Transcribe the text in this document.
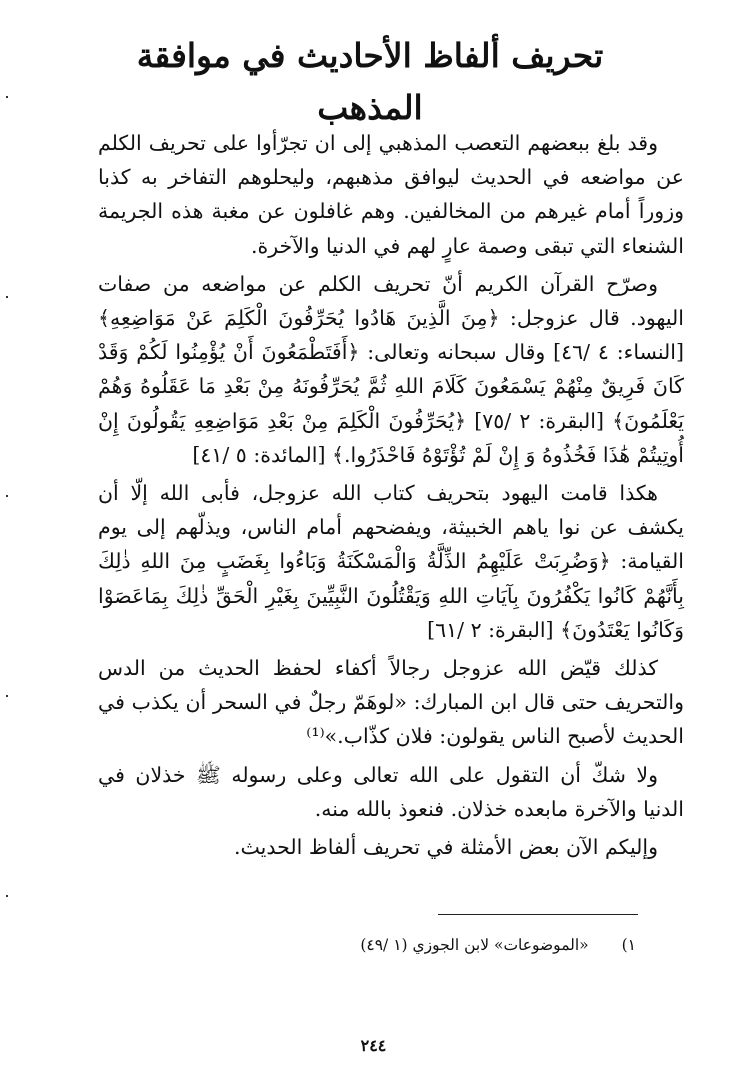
تحريف ألفاظ الأحاديث في موافقة المذهب

وقد بلغ ببعضهم التعصب المذهبي إلى ان تجرّأوا على تحريف الكلم عن مواضعه في الحديث ليوافق مذهبهم، وليحلوهم التفاخر به كذبا وزوراً أمام غيرهم من المخالفين. وهم غافلون عن مغبة هذه الجريمة الشنعاء التي تبقى وصمة عارٍ لهم في الدنيا والآخرة.

وصرّح القرآن الكريم أنّ تحريف الكلم عن مواضعه من صفات اليهود. قال عزوجل: ﴿مِنَ الَّذِينَ هَادُوا يُحَرِّفُونَ الْكَلِمَ عَنْ مَوَاضِعِهِ﴾ [النساء: ٤ /٤٦] وقال سبحانه وتعالى: ﴿أَفَتَطْمَعُونَ أَنْ يُؤْمِنُوا لَكُمْ وَقَدْ كَانَ فَرِيقٌ مِنْهُمْ يَسْمَعُونَ كَلَامَ اللهِ ثُمَّ يُحَرِّفُونَهُ مِنْ بَعْدِ مَا عَقَلُوهُ وَهُمْ يَعْلَمُونَ﴾ [البقرة: ٢ /٧٥] ﴿يُحَرِّفُونَ الْكَلِمَ مِنْ بَعْدِ مَوَاضِعِهِ يَقُولُونَ إِنْ أُوتِيتُمْ هَٰذَا فَخُذُوهُ وَ إِنْ لَمْ تُؤْتَوْهُ فَاحْذَرُوا.﴾ [المائدة: ٥ /٤١]

هكذا قامت اليهود بتحريف كتاب الله عزوجل، فأبى الله إلّا أن يكشف عن نوا ياهم الخبيثة، ويفضحهم أمام الناس، ويذلّهم إلى يوم القيامة: ﴿وَضُرِبَتْ عَلَيْهِمُ الذِّلَّةُ وَالْمَسْكَنَةُ وَبَاءُوا بِغَضَبٍ مِنَ اللهِ ذٰلِكَ بِأَنَّهُمْ كَانُوا يَكْفُرُونَ بِآيَاتِ اللهِ وَيَقْتُلُونَ النَّبِيِّينَ بِغَيْرِ الْحَقِّ ذٰلِكَ بِمَاعَصَوْا وَكَانُوا يَعْتَدُونَ﴾ [البقرة: ٢ /٦١]

كذلك قيّض الله عزوجل رجالاً أكفاء لحفظ الحديث من الدس والتحريف حتى قال ابن المبارك: «لوهَمّ رجلٌ في السحر أن يكذب في الحديث لأصبح الناس يقولون: فلان كذّاب.»⁽¹⁾

ولا شكّ أن التقول على الله تعالى وعلى رسوله ﷺ خذلان في الدنيا والآخرة مابعده خذلان. فنعوذ بالله منه.

وإليكم الآن بعض الأمثلة في تحريف ألفاظ الحديث.

١) «الموضوعات» لابن الجوزي (١ /٤٩)
٢٤٤
